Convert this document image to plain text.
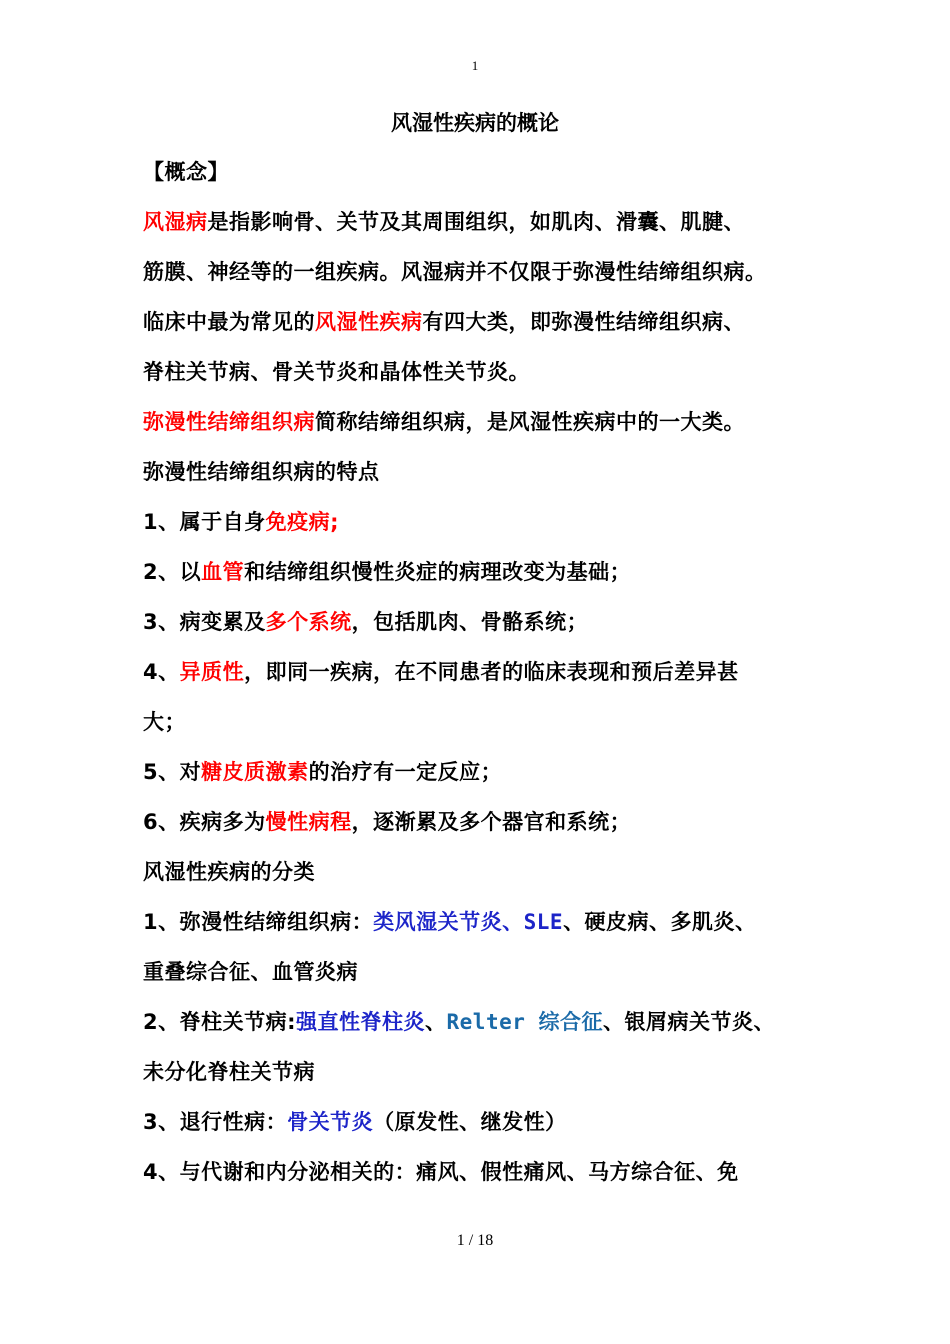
1
风湿性疾病的概论
【概念】
风湿病是指影响骨、关节及其周围组织，如肌肉、滑囊、肌腱、
筋膜、神经等的一组疾病。风湿病并不仅限于弥漫性结缔组织病。
临床中最为常见的风湿性疾病有四大类，即弥漫性结缔组织病、
脊柱关节病、骨关节炎和晶体性关节炎。
弥漫性结缔组织病简称结缔组织病，是风湿性疾病中的一大类。
弥漫性结缔组织病的特点
1、属于自身免疫病;
2、以血管和结缔组织慢性炎症的病理改变为基础；
3、病变累及多个系统，包括肌肉、骨骼系统；
4、异质性，即同一疾病，在不同患者的临床表现和预后差异甚
大；
5、对糖皮质激素的治疗有一定反应；
6、疾病多为慢性病程，逐渐累及多个器官和系统；
风湿性疾病的分类
1、弥漫性结缔组织病：类风湿关节炎、SLE、硬皮病、多肌炎、
重叠综合征、血管炎病
2、脊柱关节病:强直性脊柱炎、Relter 综合征、银屑病关节炎、
未分化脊柱关节病
3、退行性病：骨关节炎（原发性、继发性）
4、与代谢和内分泌相关的：痛风、假性痛风、马方综合征、免
1 / 18
